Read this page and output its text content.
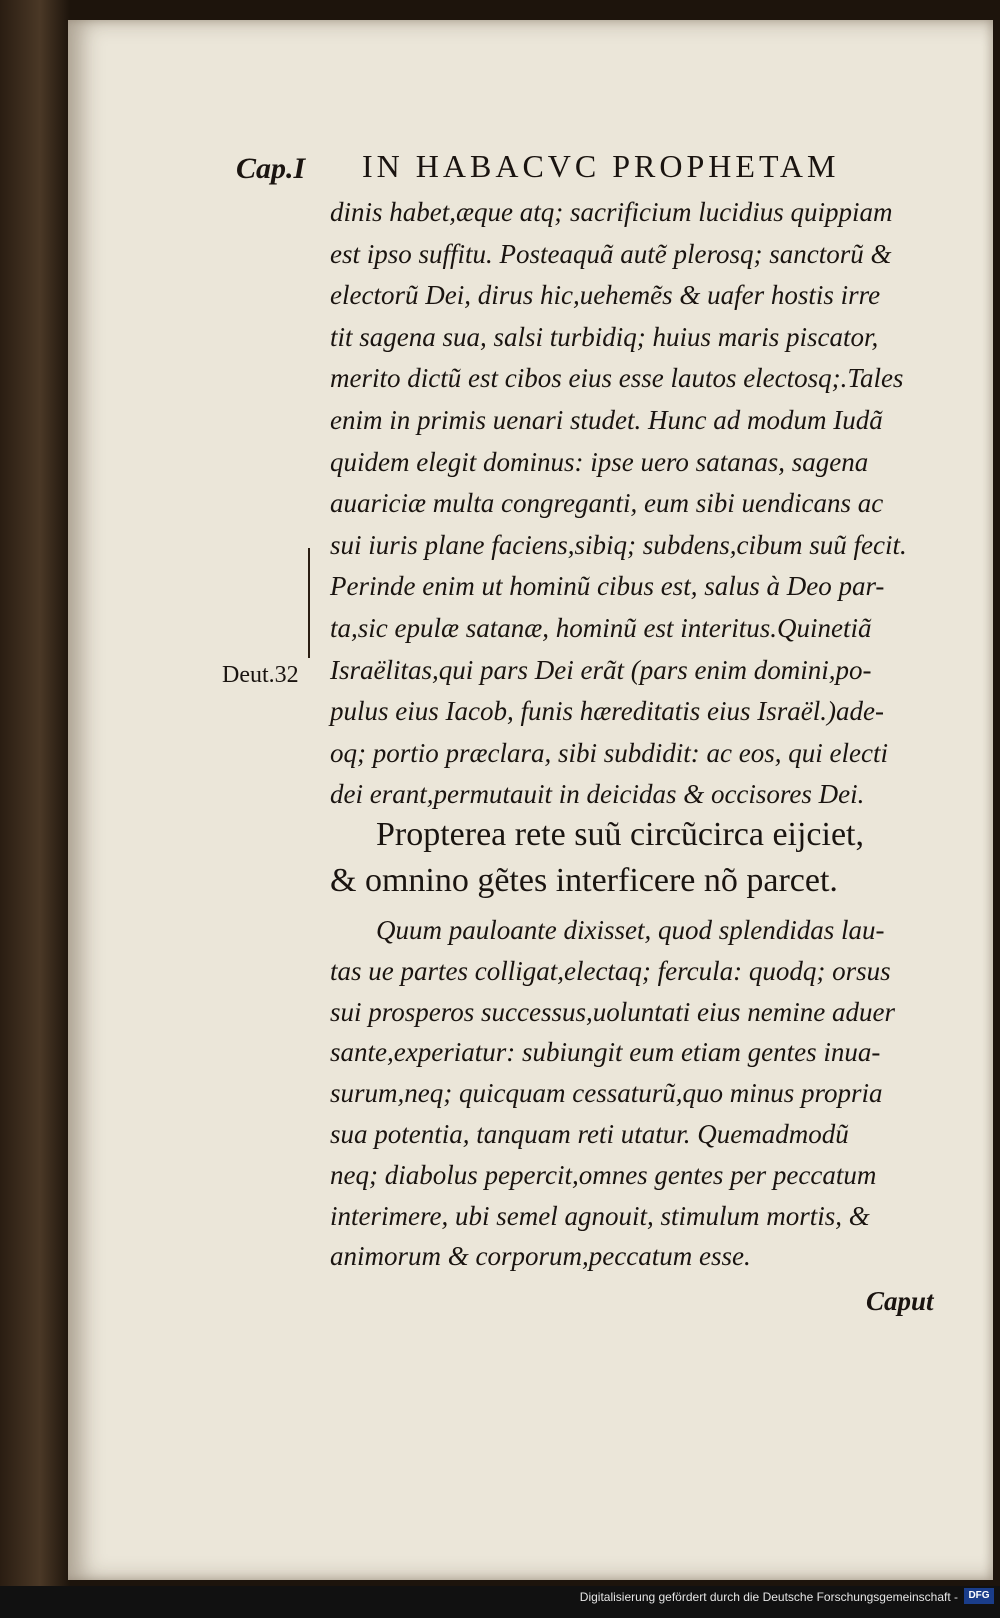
Cap.I IN HABACVC PROPHETAM
Deut.32
dinis habet,æque atq; sacrificium lucidius quippiam
est ipso suffitu. Posteaquã autẽ plerosq; sanctorũ &
electorũ Dei, dirus hic,uehemẽs & uafer hostis irre
tit sagena sua, salsi turbidiq; huius maris piscator,
merito dictũ est cibos eius esse lautos electosq;.Tales
enim in primis uenari studet. Hunc ad modum Iudã
quidem elegit dominus: ipse uero satanas, sagena
auariciæ multa congreganti, eum sibi uendicans ac
sui iuris plane faciens,sibiq; subdens,cibum suũ fecit.
Perinde enim ut hominũ cibus est, salus à Deo par-
ta,sic epulæ satanæ, hominũ est interitus.Quinetiã
Israëlitas,qui pars Dei erãt (pars enim domini,po-
pulus eius Iacob, funis hæreditatis eius Israël.)ade-
oq; portio præclara, sibi subdidit: ac eos, qui electi
dei erant,permutauit in deicidas & occisores Dei.
Propterea rete suũ circũcirca eijciet,
& omnino gẽtes interficere nõ parcet.
Quum pauloante dixisset, quod splendidas lau-
tas ue partes colligat,electaq; fercula: quodq; orsus
sui prosperos successus,uoluntati eius nemine aduer
sante,experiatur: subiungit eum etiam gentes inua-
surum,neq; quicquam cessaturũ,quo minus propria
sua potentia, tanquam reti utatur. Quemadmodũ
neq; diabolus pepercit,omnes gentes per peccatum
interimere, ubi semel agnouit, stimulum mortis, &
animorum & corporum,peccatum esse.
Caput
Digitalisierung gefördert durch die Deutsche Forschungsgemeinschaft -	DFG
